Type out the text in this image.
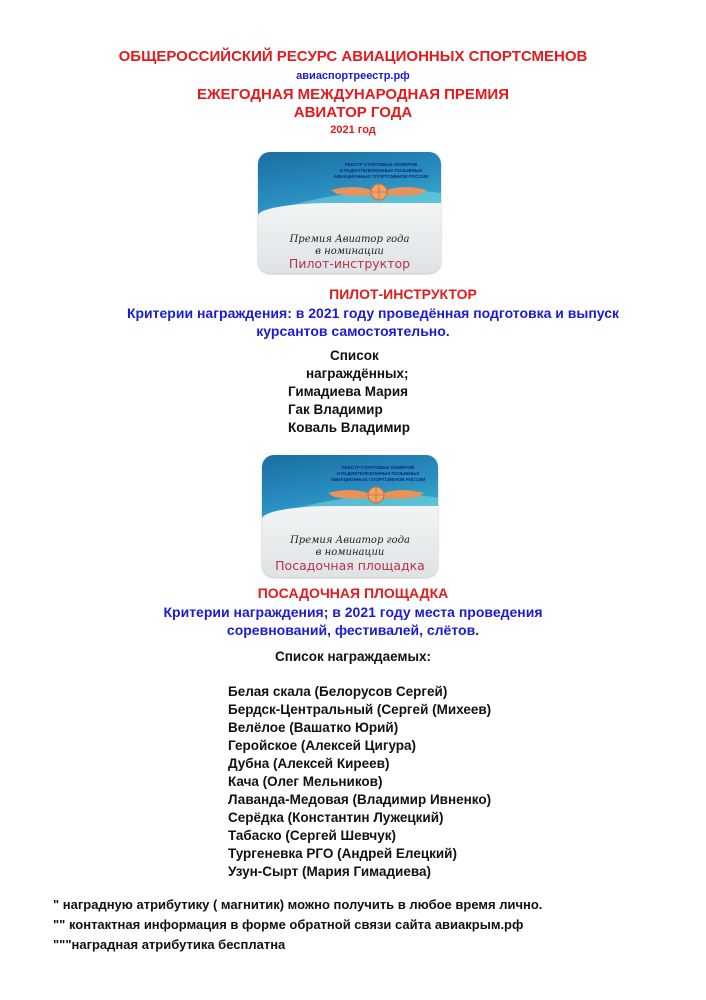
ОБЩЕРОССИЙСКИЙ РЕСУРС АВИАЦИОННЫХ СПОРТСМЕНОВ
авиаспортреестр.рф
ЕЖЕГОДНАЯ МЕЖДУНАРОДНАЯ ПРЕМИЯ
АВИАТОР ГОДА
2021 год
РЕЕСТР СТАРТОВЫХ НОМЕРОВ
И РАДИОТЕЛЕФОННЫХ ПОЗЫВНЫХ
АВИАЦИОННЫХ СПОРТСМЕНОВ РОССИИ
Премия Авиатор года
в номинации
Пилот-инструктор
ПИЛОТ-ИНСТРУКТОР
Критерии награждения: в 2021 году проведённая подготовка и выпуск
курсантов самостоятельно.
Список
награждённых;
Гимадиева Мария
Гак Владимир
Коваль Владимир
РЕЕСТР СТАРТОВЫХ НОМЕРОВ
И РАДИОТЕЛЕФОННЫХ ПОЗЫВНЫХ
АВИАЦИОННЫХ СПОРТСМЕНОВ РОССИИ
Премия Авиатор года
в номинации
Посадочная площадка
ПОСАДОЧНАЯ ПЛОЩАДКА
Критерии награждения; в 2021 году места проведения
соревнований, фестивалей, слётов.
Список награждаемых:
Белая скала (Белорусов Сергей)
Бердск-Центральный (Сергей (Михеев)
Велёлое (Вашатко Юрий)
Геройское (Алексей Цигура)
Дубна (Алексей Киреев)
Кача (Олег Мельников)
Лаванда-Медовая (Владимир Ивненко)
Серёдка (Константин Лужецкий)
Табаско (Сергей Шевчук)
Тургеневка РГО (Андрей Елецкий)
Узун-Сырт (Мария Гимадиева)
" наградную атрибутику ( магнитик) можно получить в любое время лично.
"" контактная информация в форме обратной связи сайта авиакрым.рф
"""наградная атрибутика бесплатна
